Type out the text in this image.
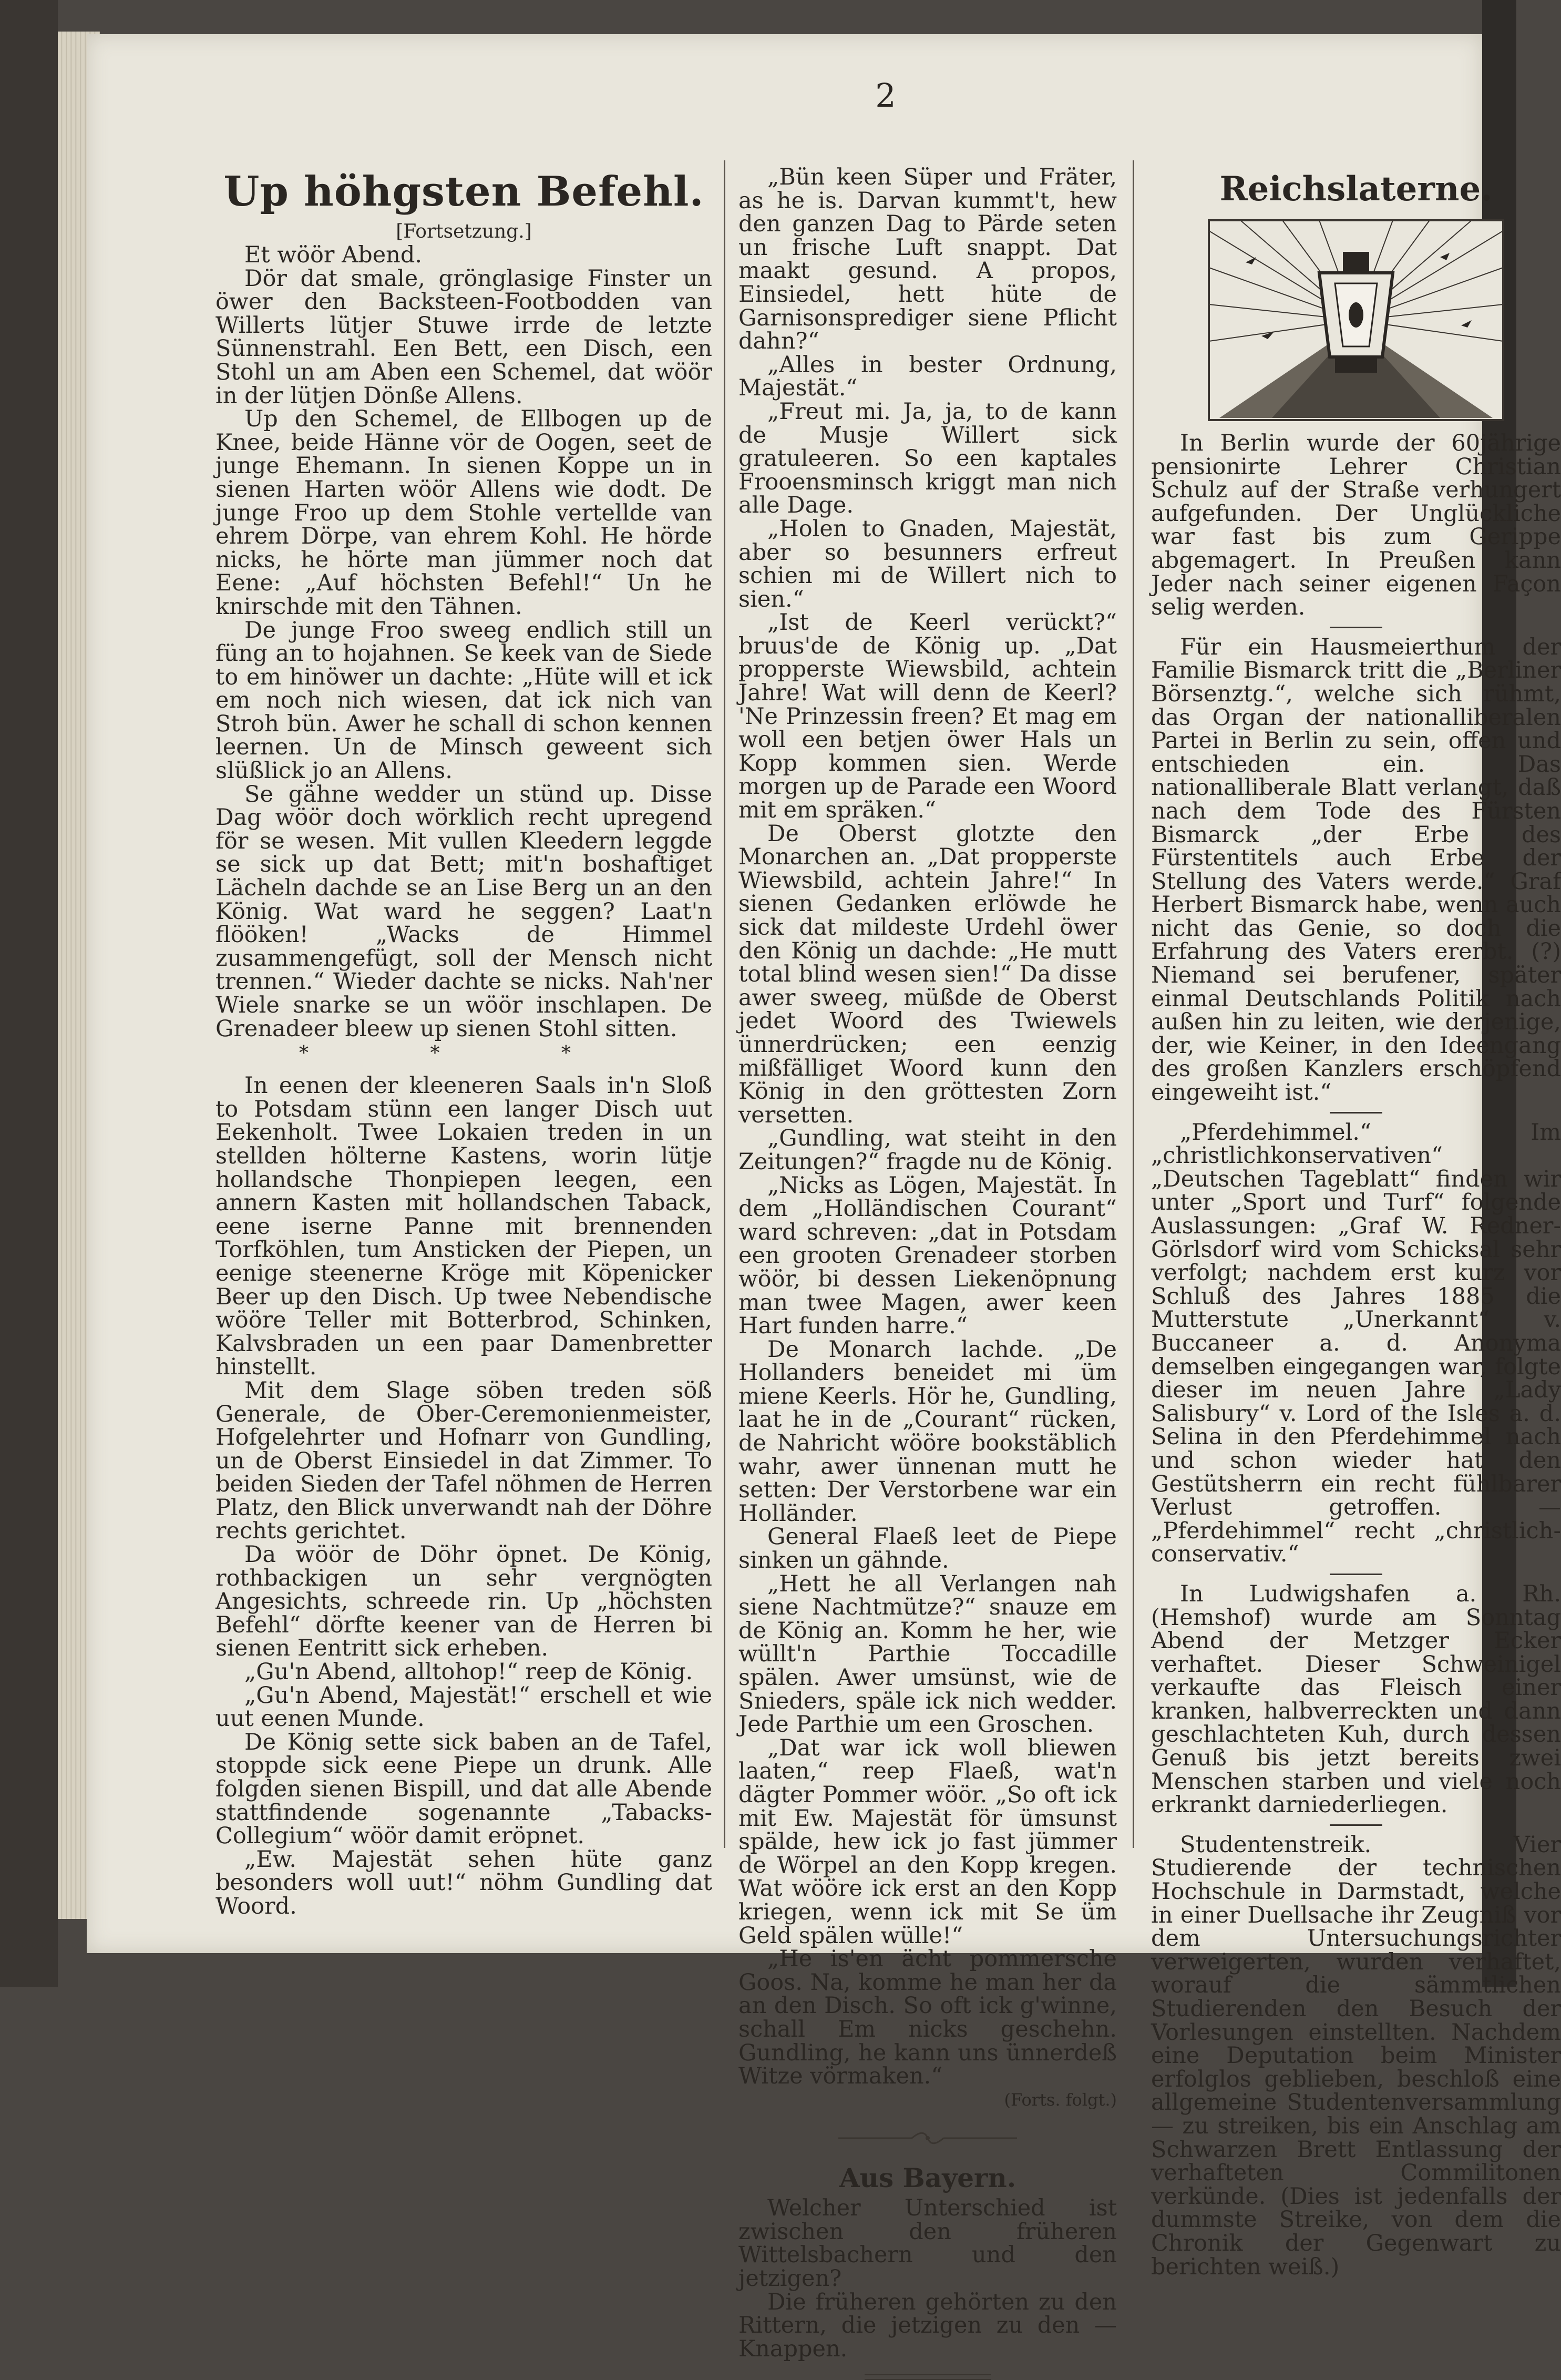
2
Up höhgsten Befehl.
[Fortsetzung.]

Et wöör Abend.

Dör dat smale, grönglasige Finster un öwer den Backsteen-Footbodden van Willerts lütjer Stuwe irrde de letzte Sünnenstrahl. Een Bett, een Disch, een Stohl un am Aben een Schemel, dat wöör in der lütjen Dönße Allens.

Up den Schemel, de Ellbogen up de Knee, beide Hänne vör de Oogen, seet de junge Ehemann. In sienen Koppe un in sienen Harten wöör Allens wie dodt. De junge Froo up dem Stohle vertellde van ehrem Dörpe, van ehrem Kohl. He hörde nicks, he hörte man jümmer noch dat Eene: „Auf höchsten Befehl!“ Un he knirschde mit den Tähnen.

De junge Froo sweeg endlich still un füng an to hojahnen. Se keek van de Siede to em hinöwer un dachte: „Hüte will et ick em noch nich wiesen, dat ick nich van Stroh bün. Awer he schall di schon kennen leernen. Un de Minsch geweent sich slüßlick jo an Allens.

Se gähne wedder un stünd up. Disse Dag wöör doch wörklich recht upregend för se wesen. Mit vullen Kleedern leggde se sick up dat Bett; mit'n boshaftiget Lächeln dachde se an Lise Berg un an den König. Wat ward he seggen? Laat'n flööken! „Wacks de Himmel zusammengefügt, soll der Mensch nicht trennen.“ Wieder dachte se nicks. Nah'ner Wiele snarke se un wöör inschlapen. De Grenadeer bleew up sienen Stohl sitten.

* * *

In eenen der kleeneren Saals in'n Sloß to Potsdam stünn een langer Disch uut Eekenholt. Twee Lokaien treden in un stellden hölterne Kastens, worin lütje hollandsche Thonpiepen leegen, een annern Kasten mit hollandschen Taback, eene iserne Panne mit brennenden Torfköhlen, tum Ansticken der Piepen, un eenige steenerne Kröge mit Köpenicker Beer up den Disch. Up twee Nebendische wööre Teller mit Botterbrod, Schinken, Kalvsbraden un een paar Damenbretter hinstellt.

Mit dem Slage söben treden söß Generale, de Ober-Ceremonienmeister, Hofgelehrter und Hofnarr von Gundling, un de Oberst Einsiedel in dat Zimmer. To beiden Sieden der Tafel nöhmen de Herren Platz, den Blick unverwandt nah der Döhre rechts gerichtet.

Da wöör de Döhr öpnet. De König, rothbackigen un sehr vergnögten Angesichts, schreede rin. Up „höchsten Befehl“ dörfte keener van de Herren bi sienen Eentritt sick erheben.

„Gu'n Abend, alltohop!“ reep de König.

„Gu'n Abend, Majestät!“ erschell et wie uut eenen Munde.

De König sette sick baben an de Tafel, stoppde sick eene Piepe un drunk. Alle folgden sienen Bispill, und dat alle Abende stattfindende sogenannte „Tabacks-Collegium“ wöör damit eröpnet.

„Ew. Majestät sehen hüte ganz besonders woll uut!“ nöhm Gundling dat Woord.

„Bün keen Süper und Fräter, as he is. Darvan kummt't, hew den ganzen Dag to Pärde seten un frische Luft snappt. Dat maakt gesund. A propos, Einsiedel, hett hüte de Garnisonsprediger siene Pflicht dahn?“

„Alles in bester Ordnung, Majestät.“

„Freut mi. Ja, ja, to de kann de Musje Willert sick gratuleeren. So een kaptales Frooensminsch kriggt man nich alle Dage.

„Holen to Gnaden, Majestät, aber so besunners erfreut schien mi de Willert nich to sien.“

„Ist de Keerl verückt?“ bruus'de de König up. „Dat propperste Wiewsbild, achtein Jahre! Wat will denn de Keerl? 'Ne Prinzessin freen? Et mag em woll een betjen öwer Hals un Kopp kommen sien. Werde morgen up de Parade een Woord mit em spräken.“

De Oberst glotzte den Monarchen an. „Dat propperste Wiewsbild, achtein Jahre!“ In sienen Gedanken erlöwde he sick dat mildeste Urdehl öwer den König un dachde: „He mutt total blind wesen sien!“ Da disse awer sweeg, müßde de Oberst jedet Woord des Twiewels ünnerdrücken; een eenzig mißfälliget Woord kunn den König in den gröttesten Zorn versetten.

„Gundling, wat steiht in den Zeitungen?“ fragde nu de König.

„Nicks as Lögen, Majestät. In dem „Holländischen Courant“ ward schreven: „dat in Potsdam een grooten Grenadeer storben wöör, bi dessen Liekenöpnung man twee Magen, awer keen Hart funden harre.“

De Monarch lachde. „De Hollanders beneidet mi üm miene Keerls. Hör he, Gundling, laat he in de „Courant“ rücken, de Nahricht wööre bookstäblich wahr, awer ünnenan mutt he setten: Der Verstorbene war ein Holländer.

General Flaeß leet de Piepe sinken un gähnde.

„Hett he all Verlangen nah siene Nachtmütze?“ snauze em de König an. Komm he her, wie wüllt'n Parthie Toccadille spälen. Awer umsünst, wie de Snieders, späle ick nich wedder. Jede Parthie um een Groschen.

„Dat war ick woll bliewen laaten,“ reep Flaeß, wat'n dägter Pommer wöör. „So oft ick mit Ew. Majestät för ümsunst spälde, hew ick jo fast jümmer de Wörpel an den Kopp kregen. Wat wööre ick erst an den Kopp kriegen, wenn ick mit Se üm Geld spälen wülle!“

„He is'en ächt pommersche Goos. Na, komme he man her da an den Disch. So oft ick g'winne, schall Em nicks geschehn. Gundling, he kann uns ünnerdeß Witze vörmaken.“

(Forts. folgt.)
Aus Bayern.

Welcher Unterschied ist zwischen den früheren Wittelsbachern und den jetzigen?

Die früheren gehörten zu den Rittern, die jetzigen zu den — Knappen.

Reichslaterne.

In Berlin wurde der 60jährige pensionirte Lehrer Christian Schulz auf der Straße verhungert aufgefunden. Der Unglückliche war fast bis zum Gerippe abgemagert. In Preußen kann Jeder nach seiner eigenen Façon selig werden.

Für ein Hausmeierthum der Familie Bismarck tritt die „Berliner Börsenztg.“, welche sich rühmt, das Organ der nationalliberalen Partei in Berlin zu sein, offen und entschieden ein. Das nationalliberale Blatt verlangt, daß nach dem Tode des Fürsten Bismarck „der Erbe des Fürstentitels auch Erbe der Stellung des Vaters werde.“ Graf Herbert Bismarck habe, wenn auch nicht das Genie, so doch die Erfahrung des Vaters ererbt. (?) Niemand sei berufener, später einmal Deutschlands Politik nach außen hin zu leiten, wie derjenige, der, wie Keiner, in den Ideengang des großen Kanzlers erschöpfend eingeweiht ist.“

„Pferdehimmel.“ Im „christlichkonservativen“ „Deutschen Tageblatt“ finden wir unter „Sport und Turf“ folgende Auslassungen: „Graf W. Redner-Görlsdorf wird vom Schicksal sehr verfolgt; nachdem erst kurz vor Schluß des Jahres 1885 die Mutterstute „Unerkannt“ v. Buccaneer a. d. Anonyma demselben eingegangen war, folgte dieser im neuen Jahre „Lady Salisbury“ v. Lord of the Isles a. d. Selina in den Pferdehimmel nach und schon wieder hat den Gestütsherrn ein recht fühlbarer Verlust getroffen. — „Pferdehimmel“ recht „christlich-conservativ.“

In Ludwigshafen a. Rh. (Hemshof) wurde am Sonntag Abend der Metzger Ecker verhaftet. Dieser Schweinigel verkaufte das Fleisch einer kranken, halbverreckten und dann geschlachteten Kuh, durch dessen Genuß bis jetzt bereits zwei Menschen starben und viele noch erkrankt darniederliegen.

Studentenstreik. Vier Studierende der technischen Hochschule in Darmstadt, welche in einer Duellsache ihr Zeugniß vor dem Untersuchungsrichter verweigerten, wurden verhaftet, worauf die sämmtlichen Studierenden den Besuch der Vorlesungen einstellten. Nachdem eine Deputation beim Minister erfolglos geblieben, beschloß eine allgemeine Studentenversammlung — zu streiken, bis ein Anschlag am Schwarzen Brett Entlassung der verhafteten Commilitonen verkünde. (Dies ist jedenfalls der dummste Streike, von dem die Chronik der Gegenwart zu berichten weiß.)
